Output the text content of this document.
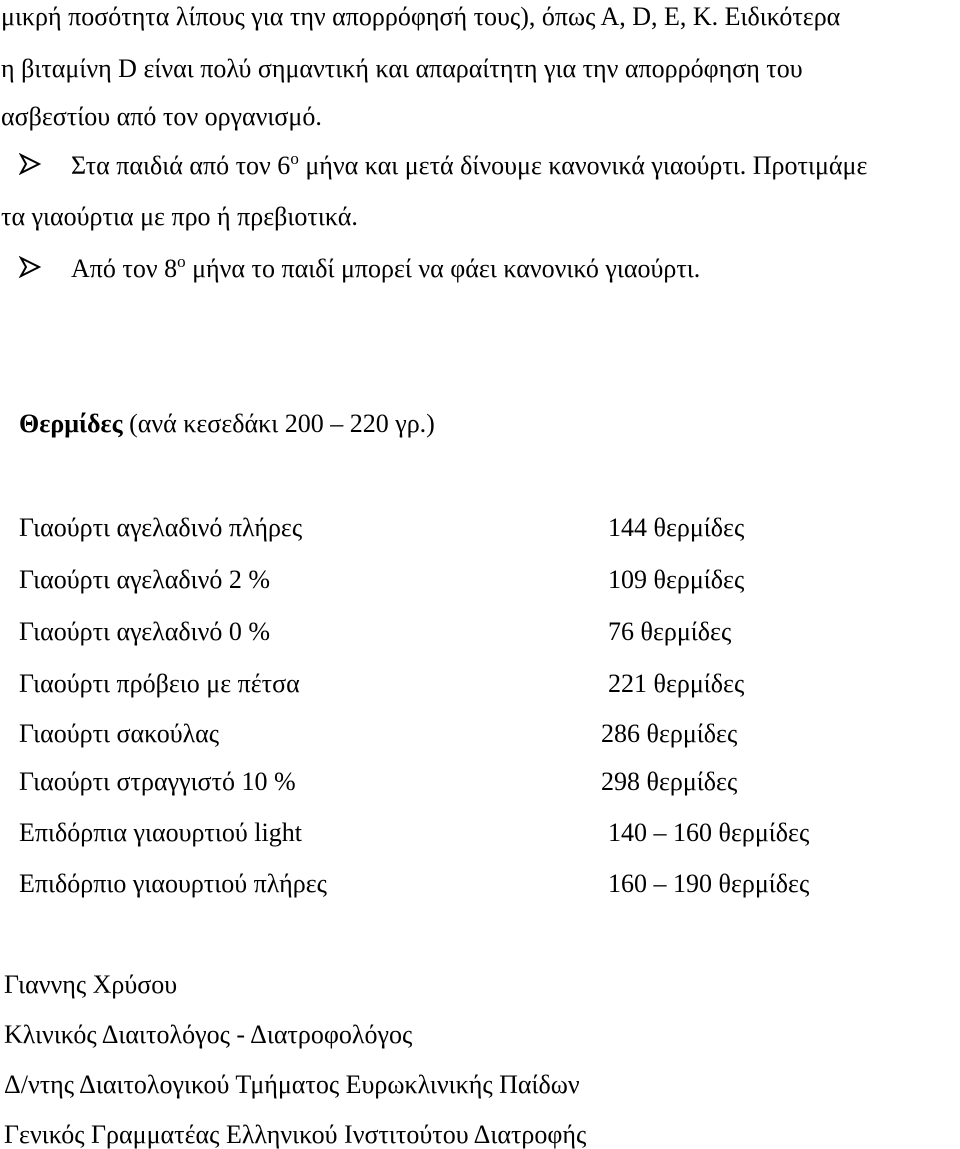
μικρή ποσότητα λίπους για την απορρόφησή τους), όπως Α, D, E, K. Ειδικότερα
η βιταμίνη D είναι πολύ σημαντική και απαραίτητη για την απορρόφηση του
ασβεστίου από τον οργανισμό.
Στα παιδιά από τον $6^o$ μήνα και μετά δίνουμε κανονικά γιαούρτι. Προτιμάμε
τα γιαούρτια με προ ή πρεβιοτικά.
Από τον $8^o$ μήνα το παιδί μπορεί να φάει κανονικό γιαούρτι.
Θερμίδες (ανά κεσεδάκι 200 – 220 γρ.)
Γιαούρτι αγελαδινό πλήρες	144 θερμίδες
Γιαούρτι αγελαδινό 2 %	109 θερμίδες
Γιαούρτι αγελαδινό 0 %	76 θερμίδες
Γιαούρτι πρόβειο με πέτσα	221 θερμίδες
Γιαούρτι σακούλας	286 θερμίδες
Γιαούρτι στραγγιστό 10 %	298 θερμίδες
Επιδόρπια γιαουρτιού light	140 – 160 θερμίδες
Επιδόρπιο γιαουρτιού πλήρες	160 – 190 θερμίδες
Γιαννης Χρύσου
Κλινικός Διαιτολόγος - Διατροφολόγος
Δ/ντης Διαιτολογικού Τμήματος Ευρωκλινικής Παίδων
Γενικός Γραμματέας Ελληνικού Ινστιτούτου Διατροφής
